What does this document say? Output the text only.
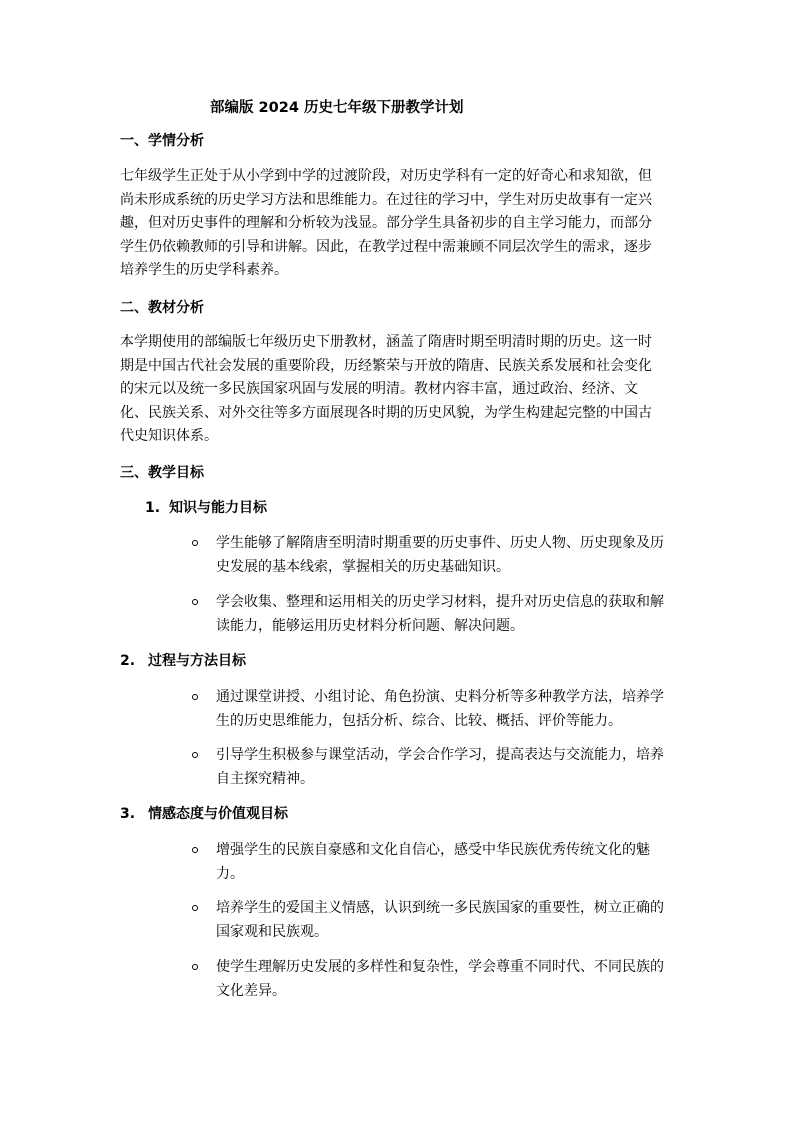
部编版 2024 历史七年级下册教学计划
一、学情分析

七年级学生正处于从小学到中学的过渡阶段，对历史学科有一定的好奇心和求知欲，但尚未形成系统的历史学习方法和思维能力。在过往的学习中，学生对历史故事有一定兴趣，但对历史事件的理解和分析较为浅显。部分学生具备初步的自主学习能力，而部分学生仍依赖教师的引导和讲解。因此，在教学过程中需兼顾不同层次学生的需求，逐步培养学生的历史学科素养。

二、教材分析

本学期使用的部编版七年级历史下册教材，涵盖了隋唐时期至明清时期的历史。这一时期是中国古代社会发展的重要阶段，历经繁荣与开放的隋唐、民族关系发展和社会变化的宋元以及统一多民族国家巩固与发展的明清。教材内容丰富，通过政治、经济、文化、民族关系、对外交往等多方面展现各时期的历史风貌，为学生构建起完整的中国古代史知识体系。

三、教学目标
1. 知识与能力目标

学生能够了解隋唐至明清时期重要的历史事件、历史人物、历史现象及历史发展的基本线索，掌握相关的历史基础知识。

学会收集、整理和运用相关的历史学习材料，提升对历史信息的获取和解读能力，能够运用历史材料分析问题、解决问题。

2. 过程与方法目标

通过课堂讲授、小组讨论、角色扮演、史料分析等多种教学方法，培养学生的历史思维能力，包括分析、综合、比较、概括、评价等能力。

引导学生积极参与课堂活动，学会合作学习，提高表达与交流能力，培养自主探究精神。

3. 情感态度与价值观目标

增强学生的民族自豪感和文化自信心，感受中华民族优秀传统文化的魅力。

培养学生的爱国主义情感，认识到统一多民族国家的重要性，树立正确的国家观和民族观。

使学生理解历史发展的多样性和复杂性，学会尊重不同时代、不同民族的文化差异。
